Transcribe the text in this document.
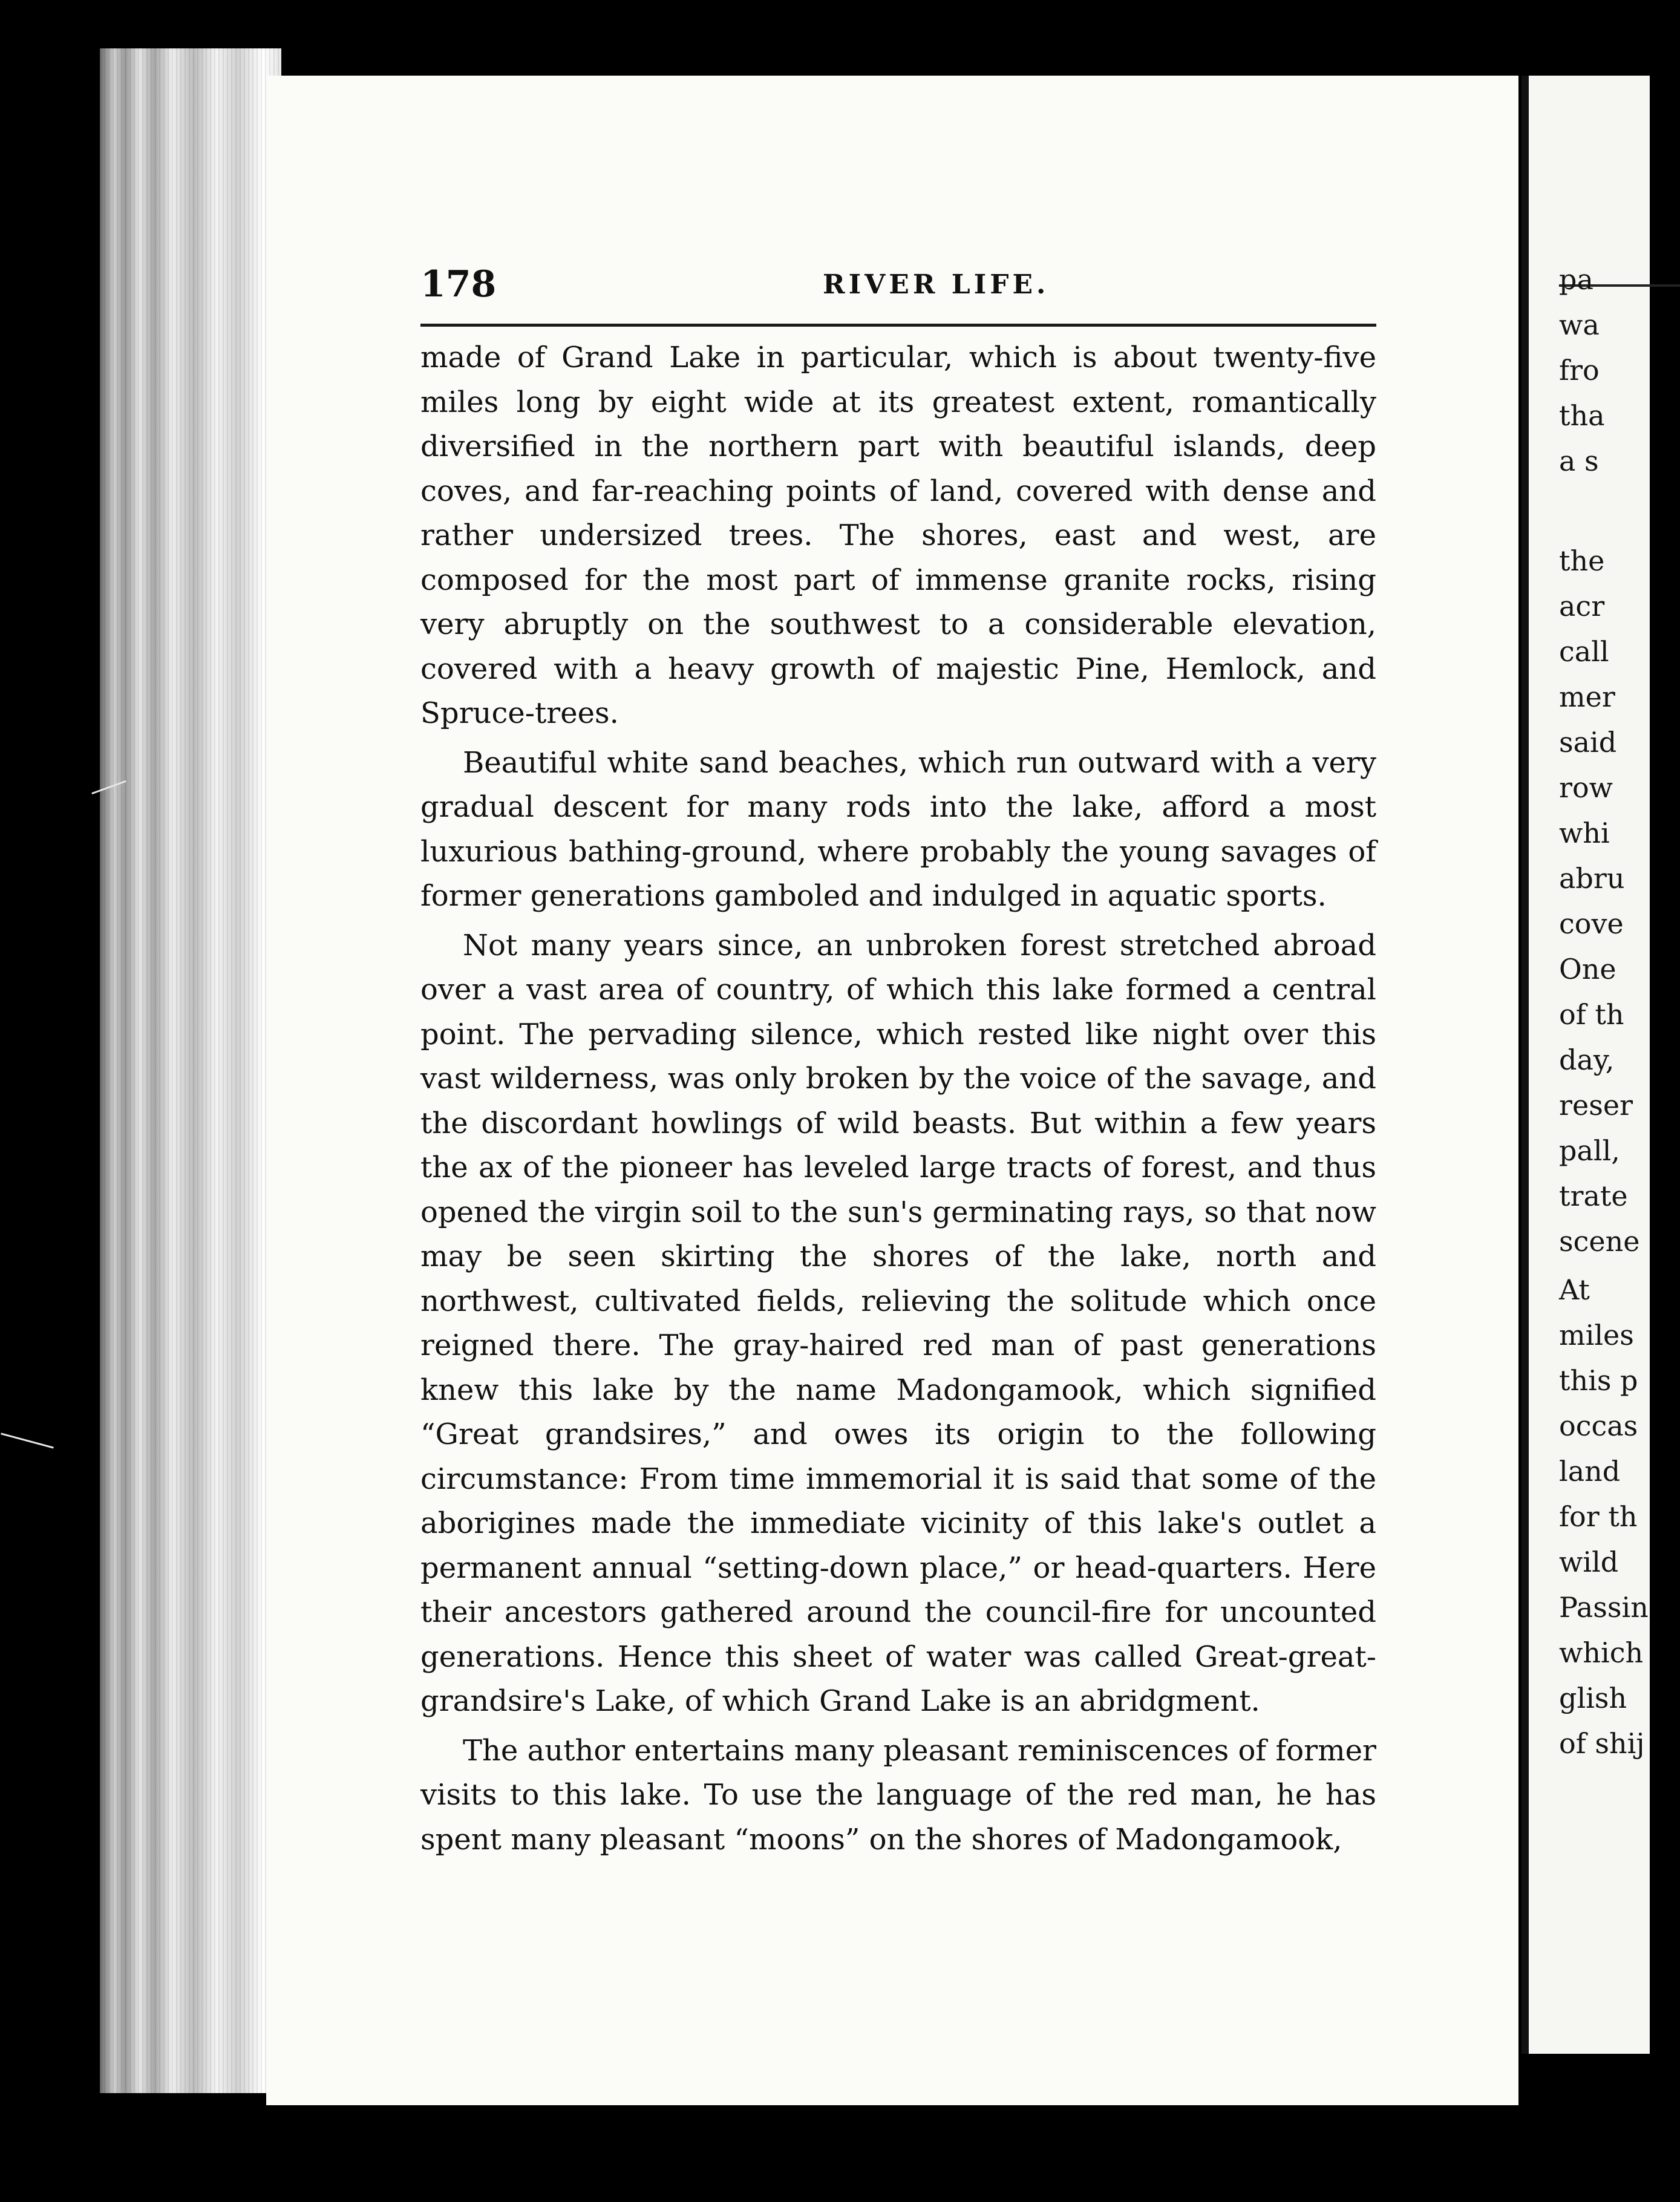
178	RIVER LIFE.

made of Grand Lake in particular, which is about twenty-five miles long by eight wide at its greatest extent, romantically diversified in the northern part with beautiful islands, deep coves, and far-reaching points of land, covered with dense and rather undersized trees. The shores, east and west, are composed for the most part of immense granite rocks, rising very abruptly on the southwest to a considerable elevation, covered with a heavy growth of majestic Pine, Hemlock, and Spruce-trees.

Beautiful white sand beaches, which run outward with a very gradual descent for many rods into the lake, afford a most luxurious bathing-ground, where probably the young savages of former generations gamboled and indulged in aquatic sports.

Not many years since, an unbroken forest stretched abroad over a vast area of country, of which this lake formed a central point. The pervading silence, which rested like night over this vast wilderness, was only broken by the voice of the savage, and the discordant howlings of wild beasts. But within a few years the ax of the pioneer has leveled large tracts of forest, and thus opened the virgin soil to the sun's germinating rays, so that now may be seen skirting the shores of the lake, north and northwest, cultivated fields, relieving the solitude which once reigned there. The gray-haired red man of past generations knew this lake by the name Madongamook, which signified “Great grandsires,” and owes its origin to the following circumstance: From time immemorial it is said that some of the aborigines made the immediate vicinity of this lake's outlet a permanent annual “setting-down place,” or head-quarters. Here their ancestors gathered around the council-fire for uncounted generations. Hence this sheet of water was called Great-great-grandsire's Lake, of which Grand Lake is an abridgment.

The author entertains many pleasant reminiscences of former visits to this lake. To use the language of the red man, he has spent many pleasant “moons” on the shores of Madongamook,

pa
wa
fro
tha
a s
the
acr
call
mer
said
row
whi
abru
cove
One
of th
day,
reser
pall,
trate
scene
At
miles
this p
occas
land
for th
wild
Passin
which
glish
of shij
